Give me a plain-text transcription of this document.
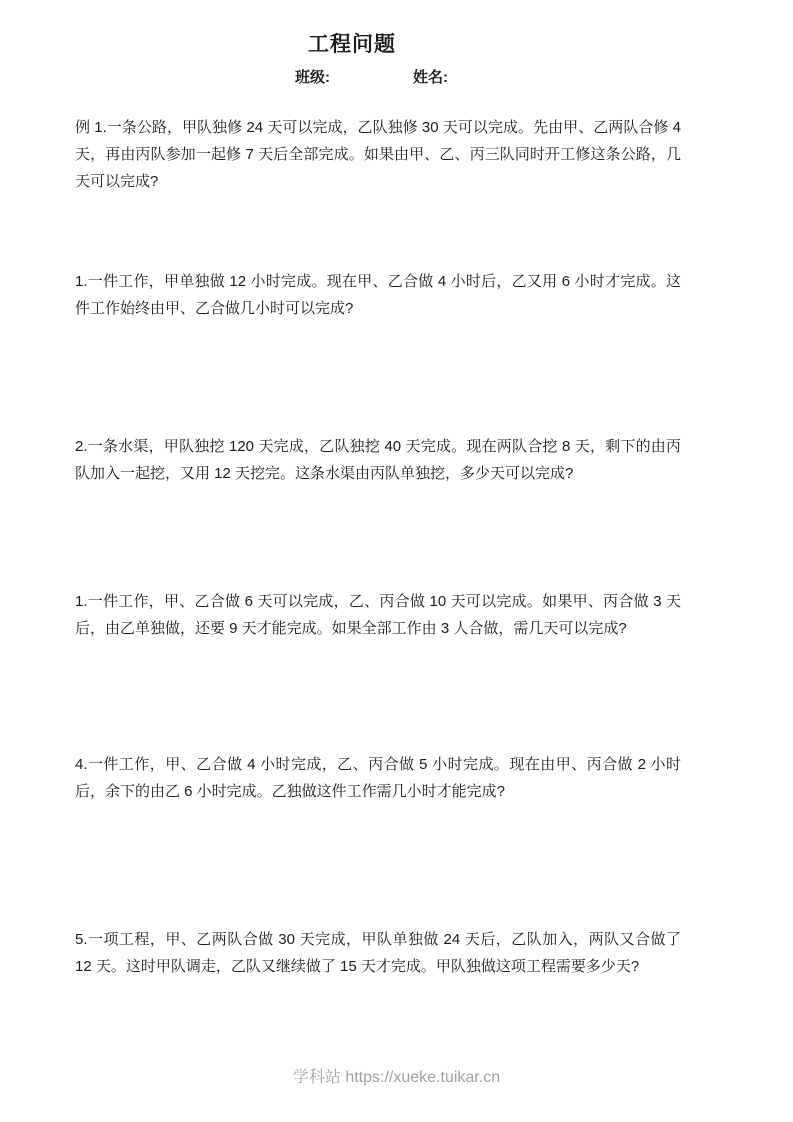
工程问题
班级:	姓名:
例 1.一条公路，甲队独修 24 天可以完成，乙队独修 30 天可以完成。先由甲、乙两队合修 4 天，再由丙队参加一起修 7 天后全部完成。如果由甲、乙、丙三队同时开工修这条公路，几天可以完成?
1.一件工作，甲单独做 12 小时完成。现在甲、乙合做 4 小时后，乙又用 6 小时才完成。这件工作始终由甲、乙合做几小时可以完成?
2.一条水渠，甲队独挖 120 天完成，乙队独挖 40 天完成。现在两队合挖 8 天，剩下的由丙队加入一起挖，又用 12 天挖完。这条水渠由丙队单独挖，多少天可以完成?
1.一件工作，甲、乙合做 6 天可以完成，乙、丙合做 10 天可以完成。如果甲、丙合做 3 天后，由乙单独做，还要 9 天才能完成。如果全部工作由 3 人合做，需几天可以完成?
4.一件工作，甲、乙合做 4 小时完成，乙、丙合做 5 小时完成。现在由甲、丙合做 2 小时后，余下的由乙 6 小时完成。乙独做这件工作需几小时才能完成?
5.一项工程，甲、乙两队合做 30 天完成，甲队单独做 24 天后，乙队加入，两队又合做了 12 天。这时甲队调走，乙队又继续做了 15 天才完成。甲队独做这项工程需要多少天?
学科站 https://xueke.tuikar.cn
